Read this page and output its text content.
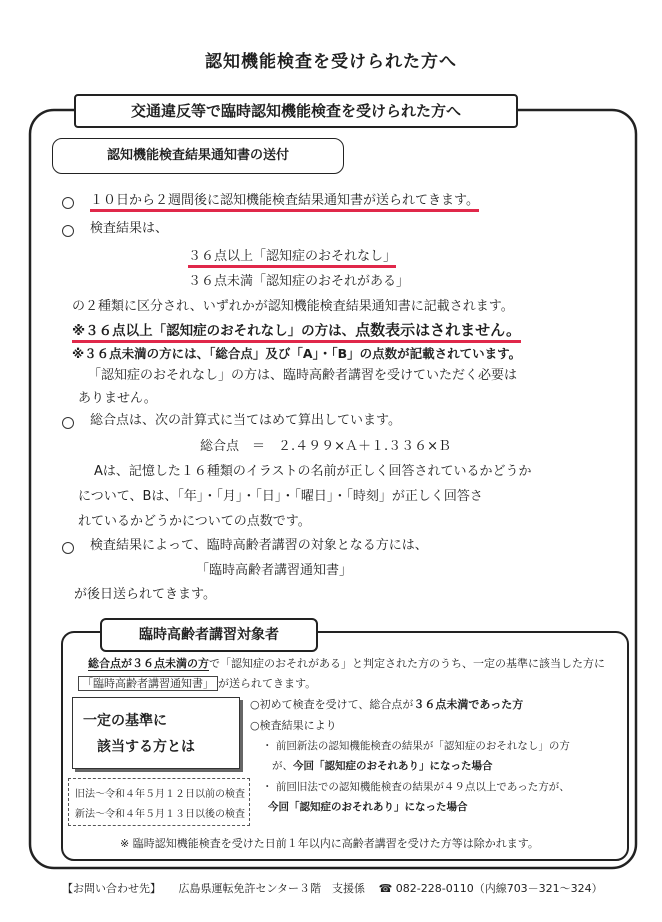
認知機能検査を受けられた方へ
交通違反等で臨時認知機能検査を受けられた方へ
認知機能検査結果通知書の送付
１０日から２週間後に認知機能検査結果通知書が送られてきます。
検査結果は、
３６点以上「認知症のおそれなし」
３６点未満「認知症のおそれがある」
の２種類に区分され、いずれかが認知機能検査結果通知書に記載されます。
※３６点以上「認知症のおそれなし」の方は、点数表示はされません。
※３６点未満の方には、「総合点」及び「A」・「B」の点数が記載されています。
「認知症のおそれなし」の方は、臨時高齢者講習を受けていただく必要は
ありません。
総合点は、次の計算式に当てはめて算出しています。
総合点　＝　２.４９９×Ａ＋１.３３６×Ｂ
Aは、記憶した１６種類のイラストの名前が正しく回答されているかどうか
について、Bは、「年」・「月」・「日」・「曜日」・「時刻」が正しく回答さ
れているかどうかについての点数です。
検査結果によって、臨時高齢者講習の対象となる方には、
「臨時高齢者講習通知書」
が後日送られてきます。
臨時高齢者講習対象者
総合点が３６点未満の方で「認知症のおそれがある」と判定された方のうち、一定の基準に該当した方に
「臨時高齢者講習通知書」 が送られてきます。
一定の基準に
該当する方とは
○初めて検査を受けて、総合点が３６点未満であった方
○検査結果により
・ 前回新法の認知機能検査の結果が「認知症のおそれなし」の方
が、今回「認知症のおそれあり」になった場合
・ 前回旧法での認知機能検査の結果が４９点以上であった方が、
今回「認知症のおそれあり」になった場合
旧法～令和４年５月１２日以前の検査
新法～令和４年５月１３日以後の検査
※ 臨時認知機能検査を受けた日前１年以内に高齢者講習を受けた方等は除かれます。
【お問い合わせ先】 広島県運転免許センター３階　支援係 ☎ 082-228-0110（内線703－321～324）
